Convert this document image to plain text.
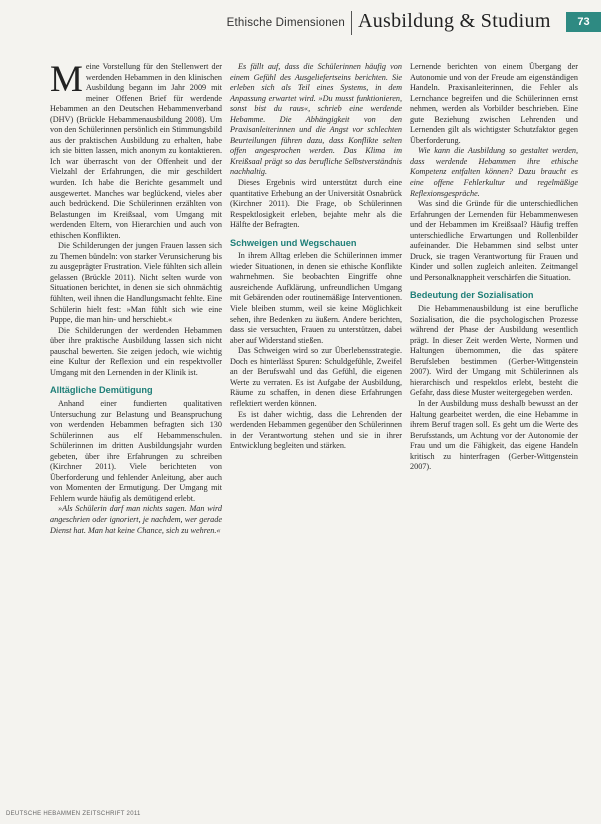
Ethische Dimensionen Ausbildung & Studium	73

Meine Vorstellung für den Stellenwert der werdenden Hebammen in den klinischen Ausbildung begann im Jahr 2009 mit meiner Offenen Brief für werdende Hebammen an den Deutschen Hebammenverband (DHV) (Brückle Hebammenausbildung 2008). Um von den Schülerinnen persönlich ein Stimmungsbild aus der praktischen Ausbildung zu erhalten, habe ich sie bitten lassen, mich anonym zu kontaktieren. Ich war überrascht von der Offenheit und der Vielzahl der Erfahrungen, die mir geschildert wurden. Ich habe die Berichte gesammelt und ausgewertet. Manches war beglückend, vieles aber auch bedrückend. Die Schülerinnen erzählten von Belastungen im Kreißsaal, vom Umgang mit werdenden Eltern, von Hierarchien und auch von ethischen Konflikten.

Die Schilderungen der jungen Frauen lassen sich zu Themen bündeln: von starker Verunsicherung bis zu ausgeprägter Frustration. Viele fühlten sich allein gelassen (Brückle 2011). Nicht selten wurde von Situationen berichtet, in denen sie sich ohnmächtig fühlten, weil ihnen die Handlungsmacht fehlte. Eine Schülerin hielt fest: »Man fühlt sich wie eine Puppe, die man hin- und herschiebt.«

Die Schilderungen der werdenden Hebammen über ihre praktische Ausbildung lassen sich nicht pauschal bewerten. Sie zeigen jedoch, wie wichtig eine Kultur der Reflexion und ein respektvoller Umgang mit den Lernenden in der Klinik ist.

Alltägliche Demütigung

Anhand einer fundierten qualitativen Untersuchung zur Belastung und Beanspruchung von werdenden Hebammen befragten sich 130 Schülerinnen aus elf Hebammenschulen. Schülerinnen im dritten Ausbildungsjahr wurden gebeten, über ihre Erfahrungen zu schreiben (Kirchner 2011). Viele berichteten von Überforderung und fehlender Anleitung, aber auch von Momenten der Ermutigung. Der Umgang mit Fehlern wurde häufig als demütigend erlebt.

»Als Schülerin darf man nichts sagen. Man wird angeschrien oder ignoriert, je nachdem, wer gerade Dienst hat. Man hat keine Chance, sich zu wehren.«

Es fällt auf, dass die Schülerinnen häufig von einem Gefühl des Ausgeliefertseins berichten. Sie erleben sich als Teil eines Systems, in dem Anpassung erwartet wird. »Du musst funktionieren, sonst bist du raus«, schrieb eine werdende Hebamme. Die Abhängigkeit von den Praxisanleiterinnen und die Angst vor schlechten Beurteilungen führen dazu, dass Konflikte selten offen angesprochen werden. Das Klima im Kreißsaal prägt so das berufliche Selbstverständnis nachhaltig.

Dieses Ergebnis wird unterstützt durch eine quantitative Erhebung an der Universität Osnabrück (Kirchner 2011). Die Frage, ob Schülerinnen Respektlosigkeit erleben, bejahte mehr als die Hälfte der Befragten.

Schweigen und Wegschauen

In ihrem Alltag erleben die Schülerinnen immer wieder Situationen, in denen sie ethische Konflikte wahrnehmen. Sie beobachten Eingriffe ohne ausreichende Aufklärung, unfreundlichen Umgang mit Gebärenden oder routinemäßige Interventionen. Viele bleiben stumm, weil sie keine Möglichkeit sehen, ihre Bedenken zu äußern. Andere berichten, dass sie versuchten, Frauen zu unterstützen, dabei aber auf Widerstand stießen.

Das Schweigen wird so zur Überlebensstrategie. Doch es hinterlässt Spuren: Schuldgefühle, Zweifel an der Berufswahl und das Gefühl, die eigenen Werte zu verraten. Es ist Aufgabe der Ausbildung, Räume zu schaffen, in denen diese Erfahrungen reflektiert werden können.

Es ist daher wichtig, dass die Lehrenden der werdenden Hebammen gegenüber den Schülerinnen in der Verantwortung stehen und sie in ihrer Entwicklung begleiten und stärken.

Lernende berichten von einem Übergang der Autonomie und von der Freude am eigenständigen Handeln. Praxisanleiterinnen, die Fehler als Lernchance begreifen und die Schülerinnen ernst nehmen, werden als Vorbilder beschrieben. Eine gute Beziehung zwischen Lehrenden und Lernenden gilt als wichtigster Schutzfaktor gegen Überforderung.

Wie kann die Ausbildung so gestaltet werden, dass werdende Hebammen ihre ethische Kompetenz entfalten können? Dazu braucht es eine offene Fehlerkultur und regelmäßige Reflexionsgespräche.

Was sind die Gründe für die unterschiedlichen Erfahrungen der Lernenden für Hebammenwesen und der Hebammen im Kreißsaal? Häufig treffen unterschiedliche Erwartungen und Rollenbilder aufeinander. Die Hebammen sind selbst unter Druck, sie tragen Verantwortung für Frauen und Kinder und sollen zugleich anleiten. Zeitmangel und Personalknappheit verschärfen die Situation.

Bedeutung der Sozialisation

Die Hebammenausbildung ist eine berufliche Sozialisation, die die psychologischen Prozesse während der Phase der Ausbildung wesentlich prägt. In dieser Zeit werden Werte, Normen und Haltungen übernommen, die das spätere Berufsleben bestimmen (Gerber-Wittgenstein 2007). Wird der Umgang mit Schülerinnen als hierarchisch und respektlos erlebt, besteht die Gefahr, dass diese Muster weitergegeben werden.

In der Ausbildung muss deshalb bewusst an der Haltung gearbeitet werden, die eine Hebamme in ihrem Beruf tragen soll. Es geht um die Werte des Berufsstands, um Achtung vor der Autonomie der Frau und um die Fähigkeit, das eigene Handeln kritisch zu hinterfragen (Gerber-Wittgenstein 2007).

DEUTSCHE HEBAMMEN ZEITSCHRIFT 2011
